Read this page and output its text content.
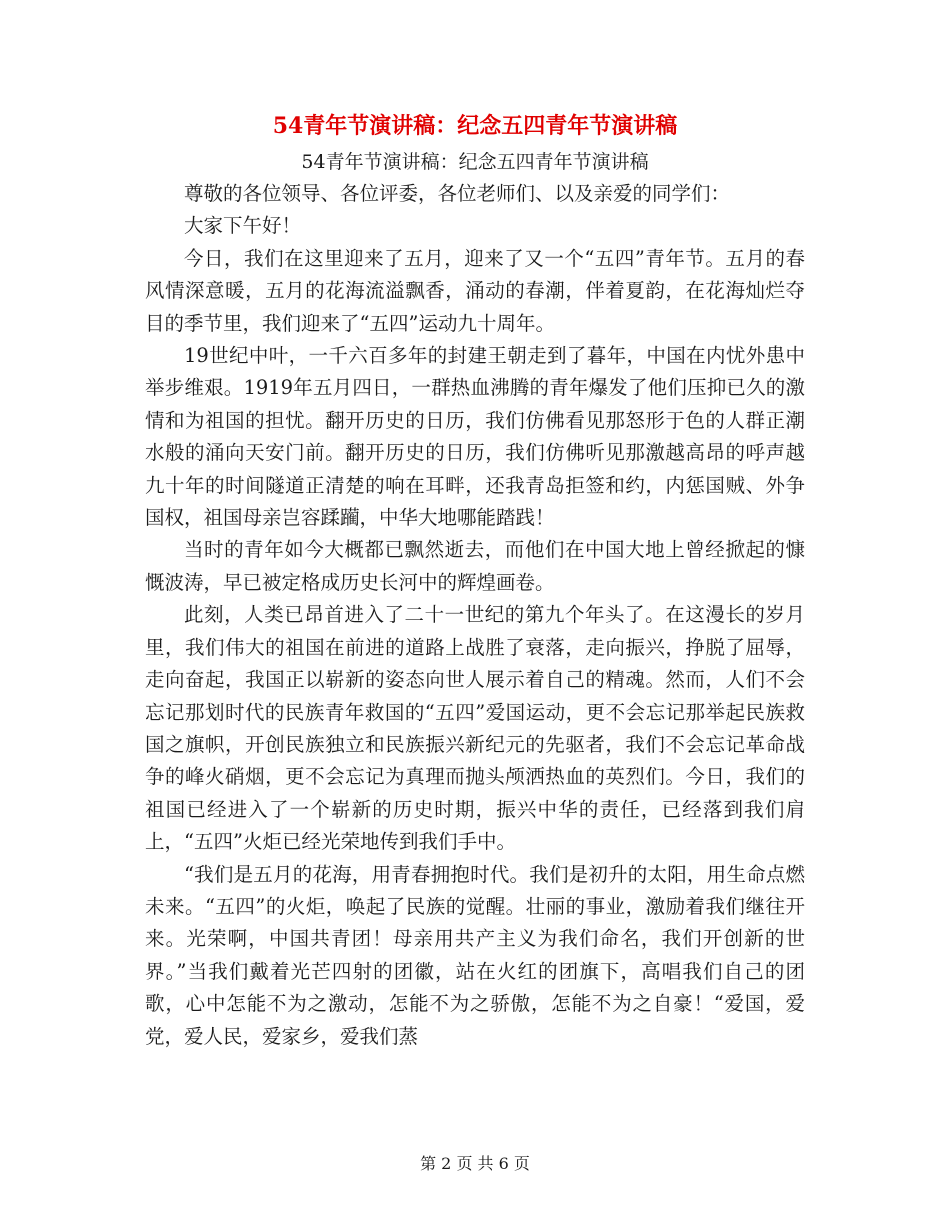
54青年节演讲稿：纪念五四青年节演讲稿

54青年节演讲稿：纪念五四青年节演讲稿

尊敬的各位领导、各位评委，各位老师们、以及亲爱的同学们：

大家下午好！

今日，我们在这里迎来了五月，迎来了又一个“五四”青年节。五月的春风情深意暖，五月的花海流溢飘香，涌动的春潮，伴着夏韵，在花海灿烂夺目的季节里，我们迎来了“五四”运动九十周年。

19世纪中叶，一千六百多年的封建王朝走到了暮年，中国在内忧外患中举步维艰。1919年五月四日，一群热血沸腾的青年爆发了他们压抑已久的激情和为祖国的担忧。翻开历史的日历，我们仿佛看见那怒形于色的人群正潮水般的涌向天安门前。翻开历史的日历，我们仿佛听见那激越高昂的呼声越九十年的时间隧道正清楚的响在耳畔，还我青岛拒签和约，内惩国贼、外争国权，祖国母亲岂容蹂躏，中华大地哪能踏践！

当时的青年如今大概都已飘然逝去，而他们在中国大地上曾经掀起的慷慨波涛，早已被定格成历史长河中的辉煌画卷。

此刻，人类已昂首进入了二十一世纪的第九个年头了。在这漫长的岁月里，我们伟大的祖国在前进的道路上战胜了衰落，走向振兴，挣脱了屈辱，走向奋起，我国正以崭新的姿态向世人展示着自己的精魂。然而，人们不会忘记那划时代的民族青年救国的“五四”爱国运动，更不会忘记那举起民族救国之旗帜，开创民族独立和民族振兴新纪元的先驱者，我们不会忘记革命战争的峰火硝烟，更不会忘记为真理而抛头颅洒热血的英烈们。今日，我们的祖国已经进入了一个崭新的历史时期，振兴中华的责任，已经落到我们肩上，“五四”火炬已经光荣地传到我们手中。

“我们是五月的花海，用青春拥抱时代。我们是初升的太阳，用生命点燃未来。“五四”的火炬，唤起了民族的觉醒。壮丽的事业，激励着我们继往开来。光荣啊，中国共青团！母亲用共产主义为我们命名，我们开创新的世界。”当我们戴着光芒四射的团徽，站在火红的团旗下，高唱我们自己的团歌，心中怎能不为之激动，怎能不为之骄傲，怎能不为之自豪！“爱国，爱党，爱人民，爱家乡，爱我们蒸

第 2 页 共 6 页
